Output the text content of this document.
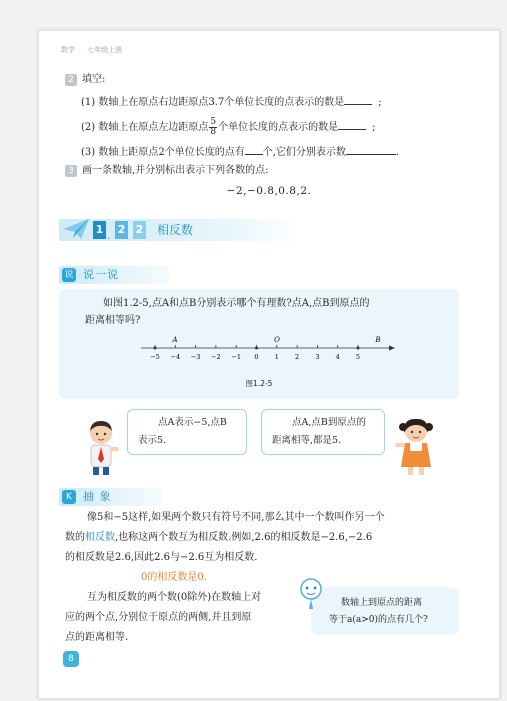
数学 七年级上册
2 填空:
(1) 数轴上在原点右边距原点3.7个单位长度的点表示的数是	;
(2) 数轴上在原点左边距原点 $\frac{5}{8}$ 个单位长度的点表示的数是	;
(3) 数轴上距原点2个单位长度的点有 个,它们分别表示数	.
3 画一条数轴,并分别标出表示下列各数的点:
−2,−0.8,0.8,2.
1
.
2 2 相反数
说 说一说
如图1.2-5,点A和点B分别表示哪个有理数?点A,点B到原点的
距离相等吗?
A	O	B
−5 −4 −3 −2 −1 0 1 2 3 4 5
图1.2-5
点A表示−5,点B
表示5.
点A,点B到原点的
距离相等,都是5.
K	抽 象
像5和−5这样,如果两个数只有符号不同,那么其中一个数叫作另一个
数的相反数,也称这两个数互为相反数.例如,2.6的相反数是−2.6,−2.6
的相反数是2.6,因此2.6与−2.6互为相反数.
0的相反数是0.
互为相反数的两个数(0除外)在数轴上对
应的两个点,分别位于原点的两侧,并且到原
点的距离相等.
数轴上到原点的距离
等于a(a>0)的点有几个?
8
